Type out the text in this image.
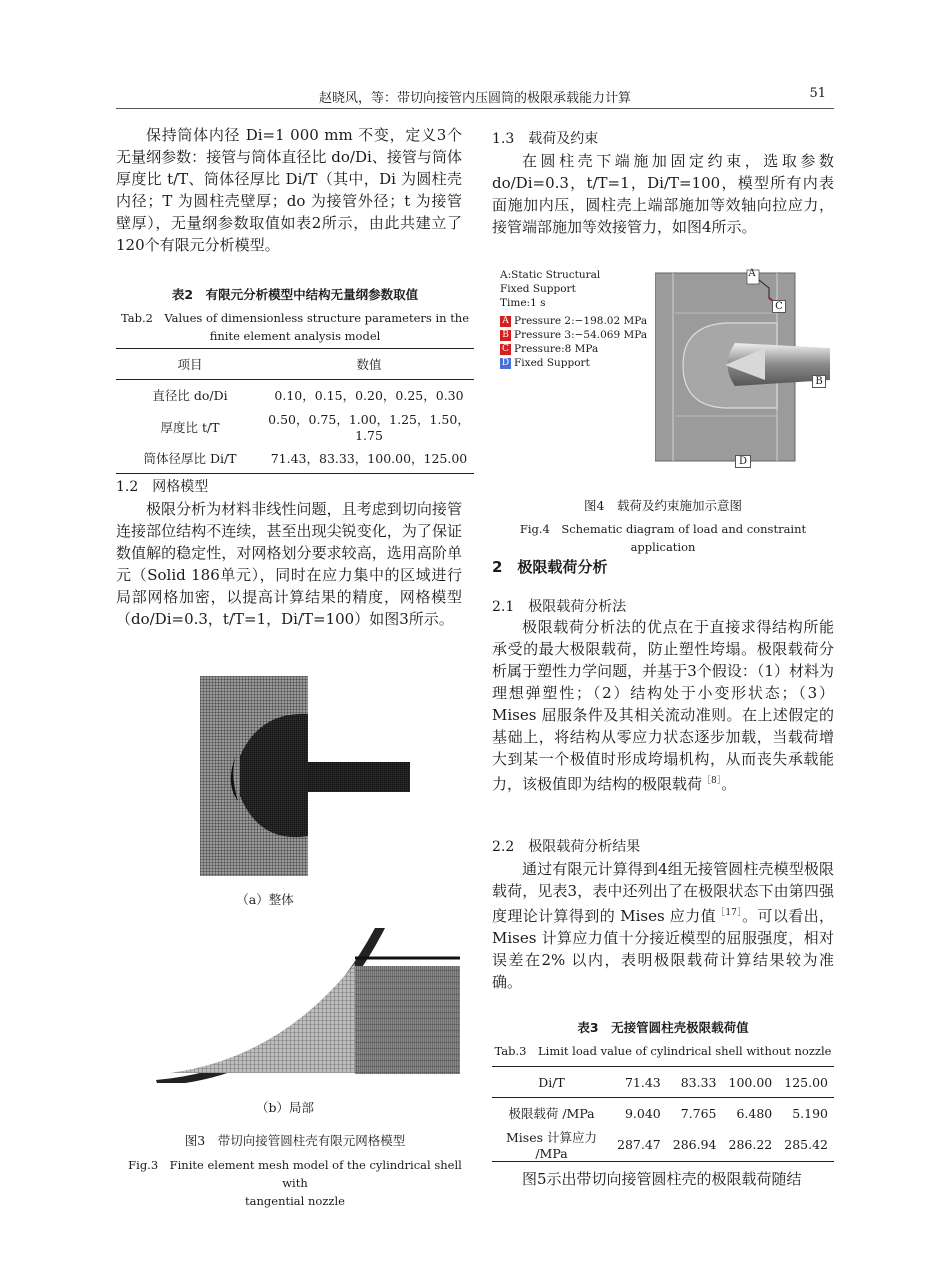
赵晓风，等：带切向接管内压圆筒的极限承载能力计算	51

保持筒体内径 Di=1 000 mm 不变，定义3个无量纲参数：接管与筒体直径比 do/Di、接管与筒体厚度比 t/T、筒体径厚比 Di/T（其中，Di 为圆柱壳内径；T 为圆柱壳壁厚；do 为接管外径；t 为接管壁厚），无量纲参数取值如表2所示，由此共建立了120个有限元分析模型。

表2　有限元分析模型中结构无量纲参数取值
Tab.2　Values of dimensionless structure parameters in the
finite element analysis model
项目	数值
直径比 do/Di	0.10，0.15，0.20，0.25，0.30
厚度比 t/T	0.50，0.75，1.00，1.25，1.50，1.75
筒体径厚比 Di/T	71.43，83.33，100.00，125.00
1.2　网格模型

极限分析为材料非线性问题，且考虑到切向接管连接部位结构不连续，甚至出现尖锐变化，为了保证数值解的稳定性，对网格划分要求较高，选用高阶单元（Solid 186单元），同时在应力集中的区域进行局部网格加密，以提高计算结果的精度，网格模型（do/Di=0.3，t/T=1，Di/T=100）如图3所示。

（a）整体
（b）局部
图3　带切向接管圆柱壳有限元网格模型
Fig.3　Finite element mesh model of the cylindrical shell with
tangential nozzle
1.3　载荷及约束

在圆柱壳下端施加固定约束，选取参数 do/Di=0.3，t/T=1，Di/T=100，模型所有内表面施加内压，圆柱壳上端部施加等效轴向拉应力，接管端部施加等效接管力，如图4所示。

A:Static Structural
Fixed Support
Time:1 s
A Pressure 2:−198.02 MPa
B Pressure 3:−54.069 MPa
C Pressure:8 MPa
D Fixed Support
A
C
B
D
图4　载荷及约束施加示意图
Fig.4　Schematic diagram of load and constraint application
2　极限载荷分析
2.1　极限载荷分析法

极限载荷分析法的优点在于直接求得结构所能承受的最大极限载荷，防止塑性垮塌。极限载荷分析属于塑性力学问题，并基于3个假设：（1）材料为理想弹塑性；（2）结构处于小变形状态；（3）Mises 屈服条件及其相关流动准则。在上述假定的基础上，将结构从零应力状态逐步加载，当载荷增大到某一个极值时形成垮塌机构，从而丧失承载能力，该极值即为结构的极限载荷$^{[8]}$。

2.2　极限载荷分析结果

通过有限元计算得到4组无接管圆柱壳模型极限载荷，见表3，表中还列出了在极限状态下由第四强度理论计算得到的 Mises 应力值$^{[17]}$。可以看出，Mises 计算应力值十分接近模型的屈服强度，相对误差在2% 以内，表明极限载荷计算结果较为准确。

表3　无接管圆柱壳极限载荷值
Tab.3　Limit load value of cylindrical shell without nozzle
Di/T	71.43	83.33	100.00	125.00
极限载荷 /MPa	9.040	7.765	6.480	5.190
Mises 计算应力 /MPa	287.47	286.94	286.22	285.42

图5示出带切向接管圆柱壳的极限载荷随结
